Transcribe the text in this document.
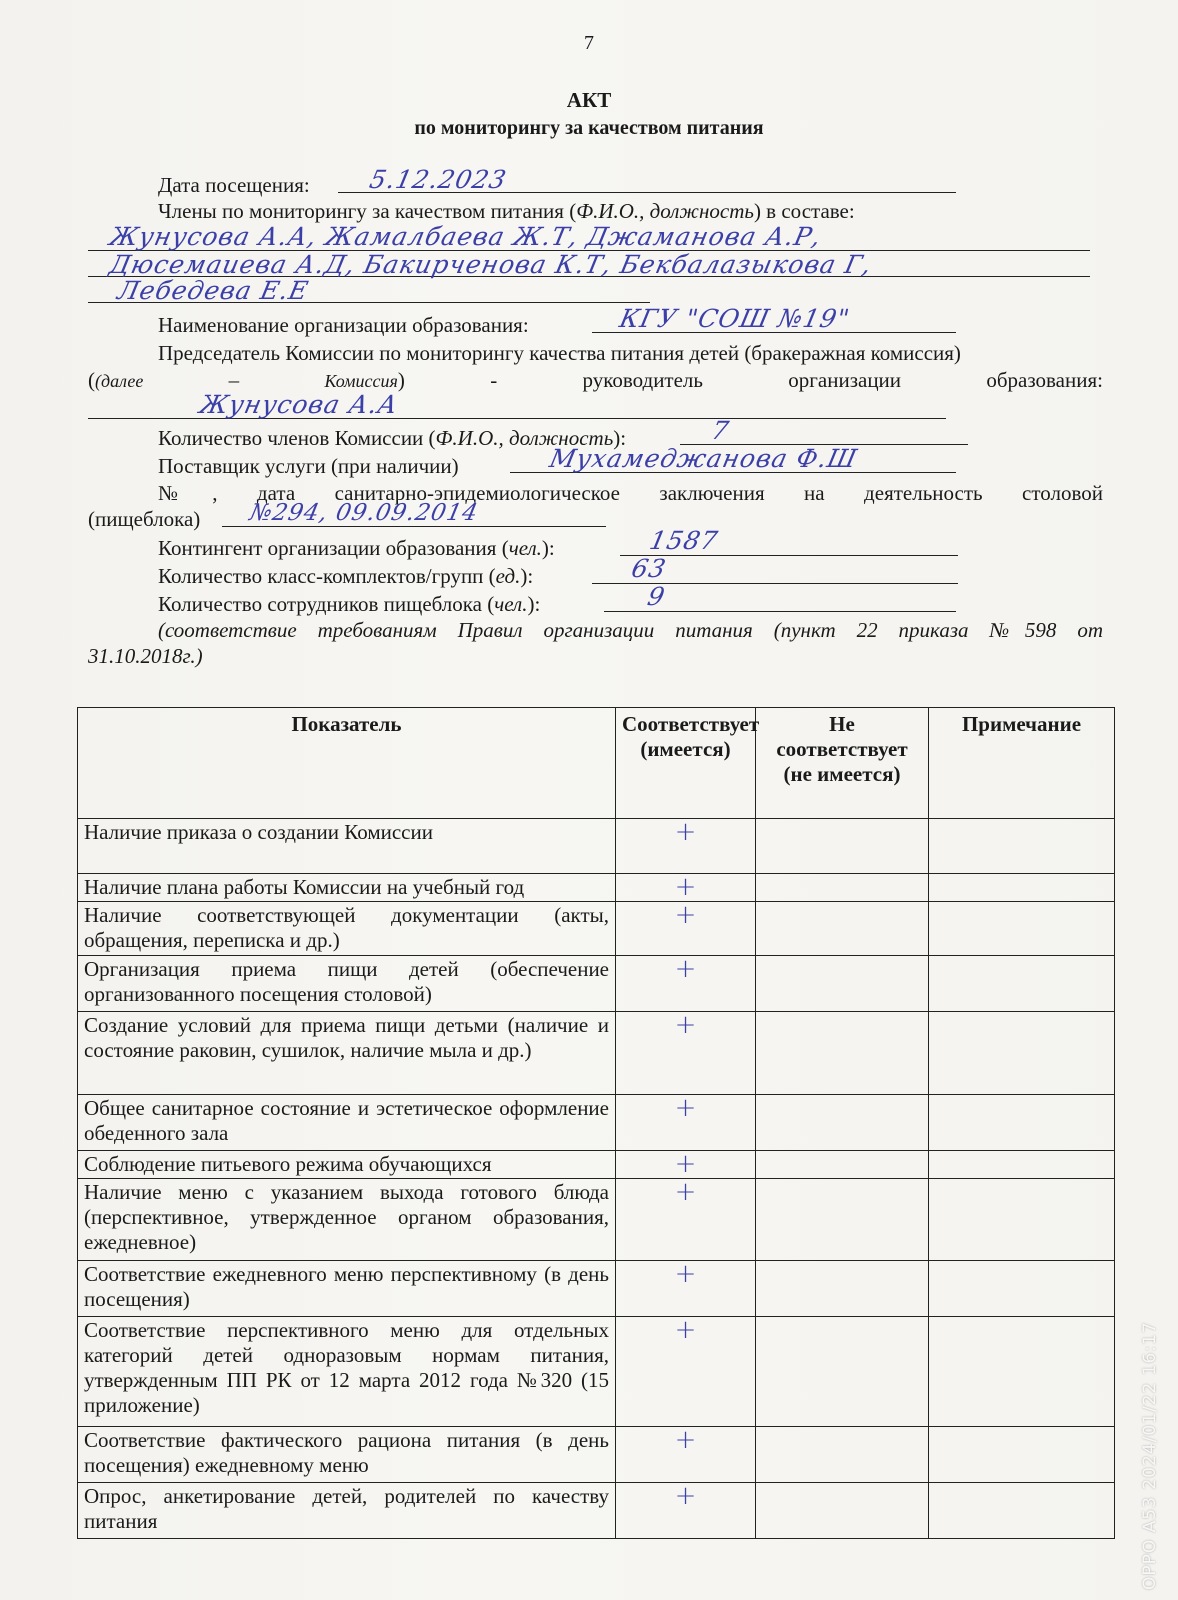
7
АКТ
по мониторингу за качеством питания
Дата посещения: 5.12.2023
Члены по мониторингу за качеством питания (Ф.И.О., должность) в составе:
Жунусова А.А, Жамалбаева Ж.Т, Джаманова А.Р,
Дюсемаиева А.Д, Бакирченова К.Т, Бекбалазыкова Г,
Лебедева Е.Е
Наименование организации образования:	КГУ "СОШ №19"
Председатель Комиссии по мониторингу качества питания детей (бракеражная комиссия)
((далее	–	Комиссия)	-	руководитель	организации	образования:
Жунусова А.А
Количество членов Комиссии (Ф.И.О., должность):	7
Поставщик услуги (при наличии)	Мухамеджанова Ф.Ш
№, дата санитарно-эпидемиологическое заключения на деятельность столовой
(пищеблока) №294, 09.09.2014
Контингент организации образования (чел.):	1587
Количество класс-комплектов/групп (ед.):	63
Количество сотрудников пищеблока (чел.):	9
(соответствие требованиям Правил организации питания (пункт 22 приказа №598 от
31.10.2018г.)
Показатель	Соответствует (имеется)	Не соответствует (не имеется)	Примечание
Наличие приказа о создании Комиссии	+		
Наличие плана работы Комиссии на учебный год	+		
Наличие соответствующей документации (акты, обращения, переписка и др.)	+		
Организация приема пищи детей (обеспечение организованного посещения столовой)	+		
Создание условий для приема пищи детьми (наличие и состояние раковин, сушилок, наличие мыла и др.)	+		
Общее санитарное состояние и эстетическое оформление обеденного зала	+		
Соблюдение питьевого режима обучающихся	+		
Наличие меню с указанием выхода готового блюда (перспективное, утвержденное органом образования, ежедневное)	+		
Соответствие ежедневного меню перспективному (в день посещения)	+		
Соответствие перспективного меню для отдельных категорий детей одноразовым нормам питания, утвержденным ПП РК от 12 марта 2012 года №320 (15 приложение)	+		
Соответствие фактического рациона питания (в день посещения) ежедневному меню	+		
Опрос, анкетирование детей, родителей по качеству питания	+			OPPO A53 2024/01/22 16:17
